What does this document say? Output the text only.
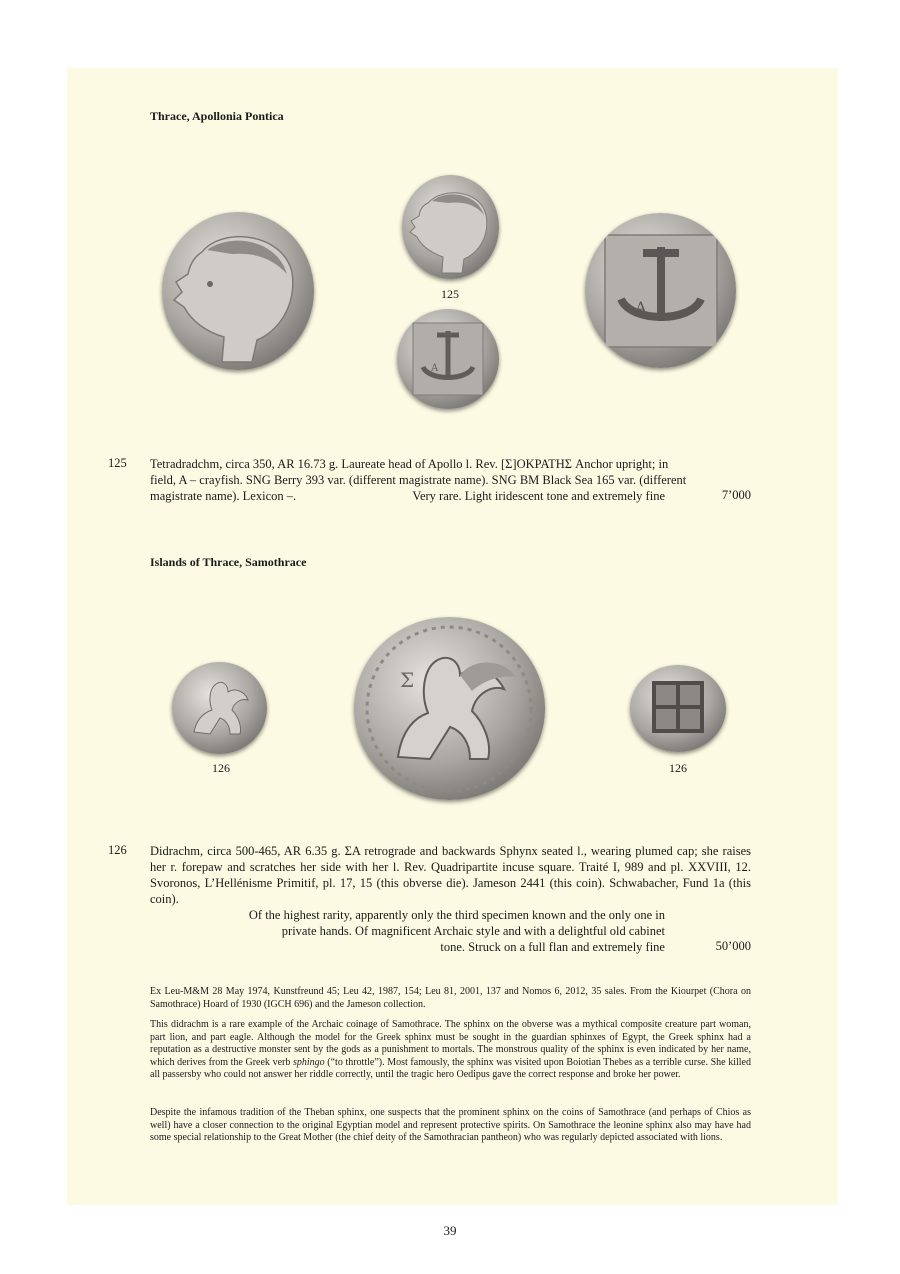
Thrace, Apollonia Pontica
125
A
A
125 Tetradradchm, circa 350, AR 16.73 g. Laureate head of Apollo l. Rev. [Σ]ΟΚΡΑΤΗΣ Anchor upright; in
field, A – crayfish. SNG Berry 393 var. (different magistrate name). SNG BM Black Sea 165 var. (different
magistrate name). Lexicon –.	Very rare. Light iridescent tone and extremely fine	7’000
Islands of Thrace, Samothrace
126
Σ
126
126 Didrachm, circa 500-465, AR 6.35 g. ΣA retrograde and backwards Sphynx seated l., wearing plumed cap; she raises her r. forepaw and scratches her side with her l. Rev. Quadripartite incuse square. Traité I, 989 and pl. XXVIII, 12. Svoronos, L’Hellénisme Primitif, pl. 17, 15 (this obverse die). Jameson 2441 (this coin). Schwabacher, Fund 1a (this coin).
Of the highest rarity, apparently only the third specimen known and the only one in
private hands. Of magnificent Archaic style and with a delightful old cabinet
tone. Struck on a full flan and extremely fine	50’000
Ex Leu-M&M 28 May 1974, Kunstfreund 45; Leu 42, 1987, 154; Leu 81, 2001, 137 and Nomos 6, 2012, 35 sales. From the Kiourpet (Chora on Samothrace) Hoard of 1930 (IGCH 696) and the Jameson collection.
This didrachm is a rare example of the Archaic coinage of Samothrace. The sphinx on the obverse was a mythical composite creature part woman, part lion, and part eagle. Although the model for the Greek sphinx must be sought in the guardian sphinxes of Egypt, the Greek sphinx had a reputation as a destructive monster sent by the gods as a punishment to mortals. The monstrous quality of the sphinx is even indicated by her name, which derives from the Greek verb sphingo (“to throttle”). Most famously, the sphinx was visited upon Boiotian Thebes as a terrible curse. She killed all passersby who could not answer her riddle correctly, until the tragic hero Oedipus gave the correct response and broke her power.
Despite the infamous tradition of the Theban sphinx, one suspects that the prominent sphinx on the coins of Samothrace (and perhaps of Chios as well) have a closer connection to the original Egyptian model and represent protective spirits. On Samothrace the leonine sphinx also may have had some special relationship to the Great Mother (the chief deity of the Samothracian pantheon) who was regularly depicted associated with lions.
39
